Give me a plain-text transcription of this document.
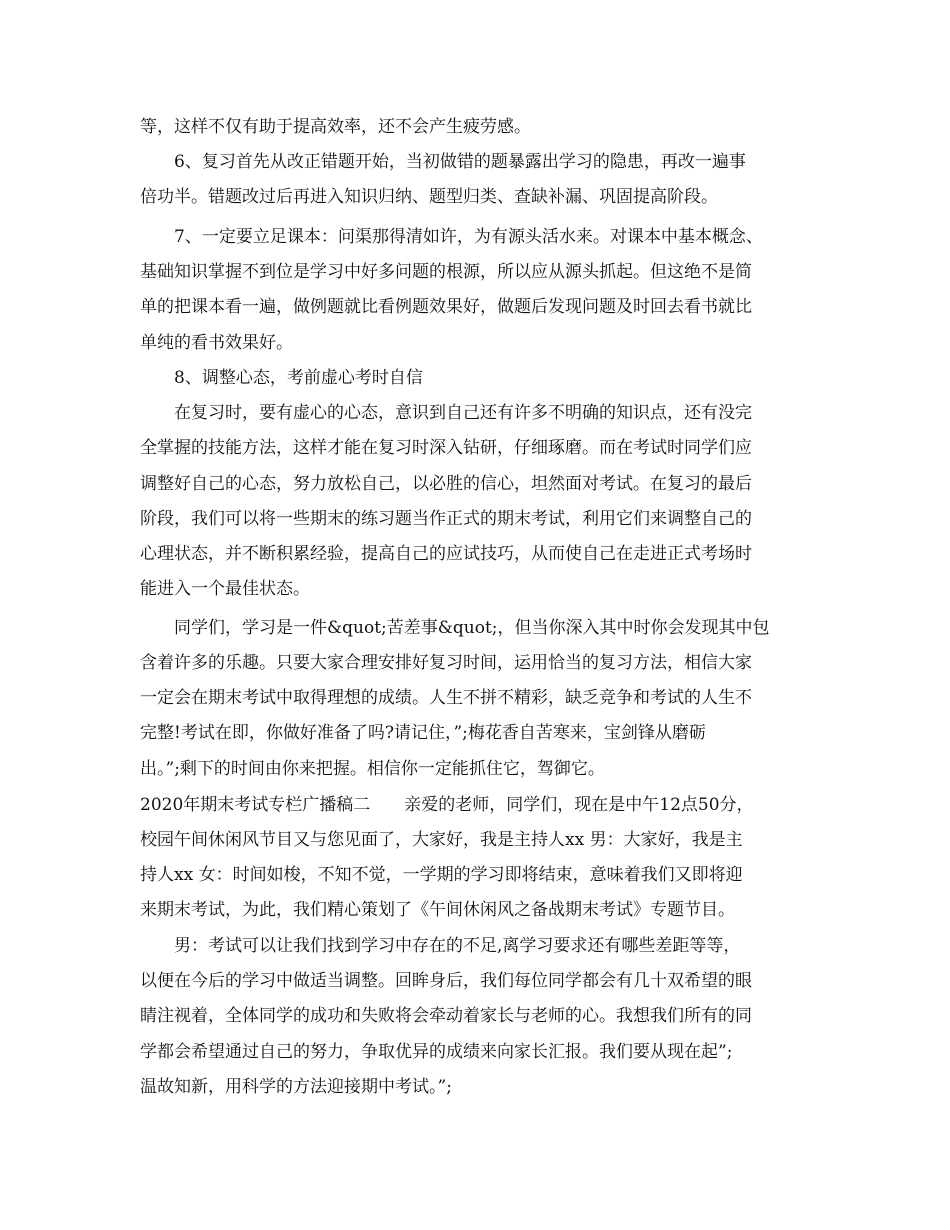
等，这样不仅有助于提高效率，还不会产生疲劳感。
　　6、复习首先从改正错题开始，当初做错的题暴露出学习的隐患，再改一遍事
倍功半。错题改过后再进入知识归纳、题型归类、查缺补漏、巩固提高阶段。
　　7、一定要立足课本：问渠那得清如许，为有源头活水来。对课本中基本概念、
基础知识掌握不到位是学习中好多问题的根源，所以应从源头抓起。但这绝不是简
单的把课本看一遍，做例题就比看例题效果好，做题后发现问题及时回去看书就比
单纯的看书效果好。
　　8、调整心态，考前虚心考时自信
　　在复习时，要有虚心的心态，意识到自己还有许多不明确的知识点，还有没完
全掌握的技能方法，这样才能在复习时深入钻研，仔细琢磨。而在考试时同学们应
调整好自己的心态，努力放松自己，以必胜的信心，坦然面对考试。在复习的最后
阶段，我们可以将一些期末的练习题当作正式的期末考试，利用它们来调整自己的
心理状态，并不断积累经验，提高自己的应试技巧，从而使自己在走进正式考场时
能进入一个最佳状态。
　　同学们，学习是一件&quot;苦差事&quot;，但当你深入其中时你会发现其中包
含着许多的乐趣。只要大家合理安排好复习时间，运用恰当的复习方法，相信大家
一定会在期末考试中取得理想的成绩。人生不拼不精彩，缺乏竞争和考试的人生不
完整!考试在即，你做好准备了吗?请记住，”;梅花香自苦寒来，宝剑锋从磨砺
出。”;剩下的时间由你来把握。相信你一定能抓住它，驾御它。
2020年期末考试专栏广播稿二　　亲爱的老师，同学们，现在是中午12点50分，
校园午间休闲风节目又与您见面了，大家好，我是主持人xx 男：大家好，我是主
持人xx 女：时间如梭，不知不觉，一学期的学习即将结束，意味着我们又即将迎
来期末考试，为此，我们精心策划了《午间休闲风之备战期末考试》专题节目。
　　男：考试可以让我们找到学习中存在的不足,离学习要求还有哪些差距等等，
以便在今后的学习中做适当调整。回眸身后，我们每位同学都会有几十双希望的眼
睛注视着，全体同学的成功和失败将会牵动着家长与老师的心。我想我们所有的同
学都会希望通过自己的努力，争取优异的成绩来向家长汇报。我们要从现在起”;
温故知新，用科学的方法迎接期中考试。”;
